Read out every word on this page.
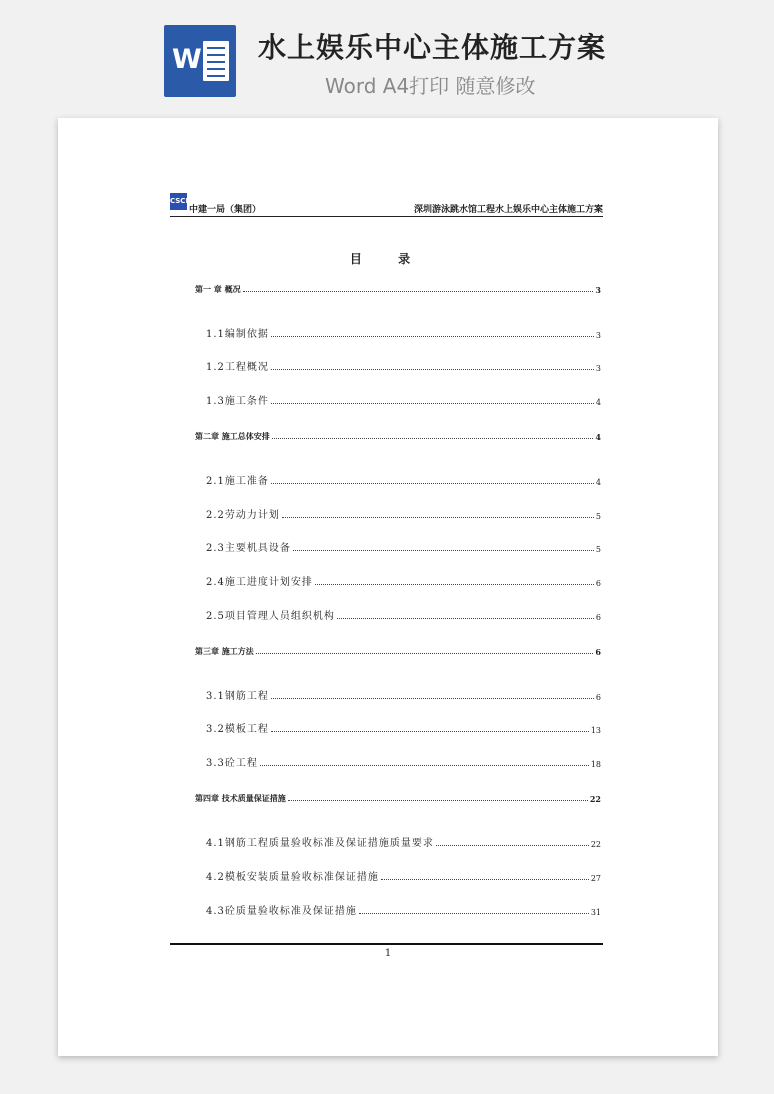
W 水上娱乐中心主体施工方案
Word A4打印 随意修改
CSCEC
中建一局（集团）	深圳游泳跳水馆工程水上娱乐中心主体施工方案
目 录
第一 章 概况	3
1.1编制依据	3
1.2工程概况	3
1.3施工条件	4
第二章 施工总体安排	4
2.1施工准备	4
2.2劳动力计划	5
2.3主要机具设备	5
2.4施工进度计划安排	6
2.5项目管理人员组织机构	6
第三章 施工方法	6
3.1钢筋工程	6
3.2模板工程	13
3.3砼工程	18
第四章 技术质量保证措施	22
4.1钢筋工程质量验收标准及保证措施质量要求	22
4.2模板安装质量验收标准保证措施	27
4.3砼质量验收标准及保证措施	31
1
